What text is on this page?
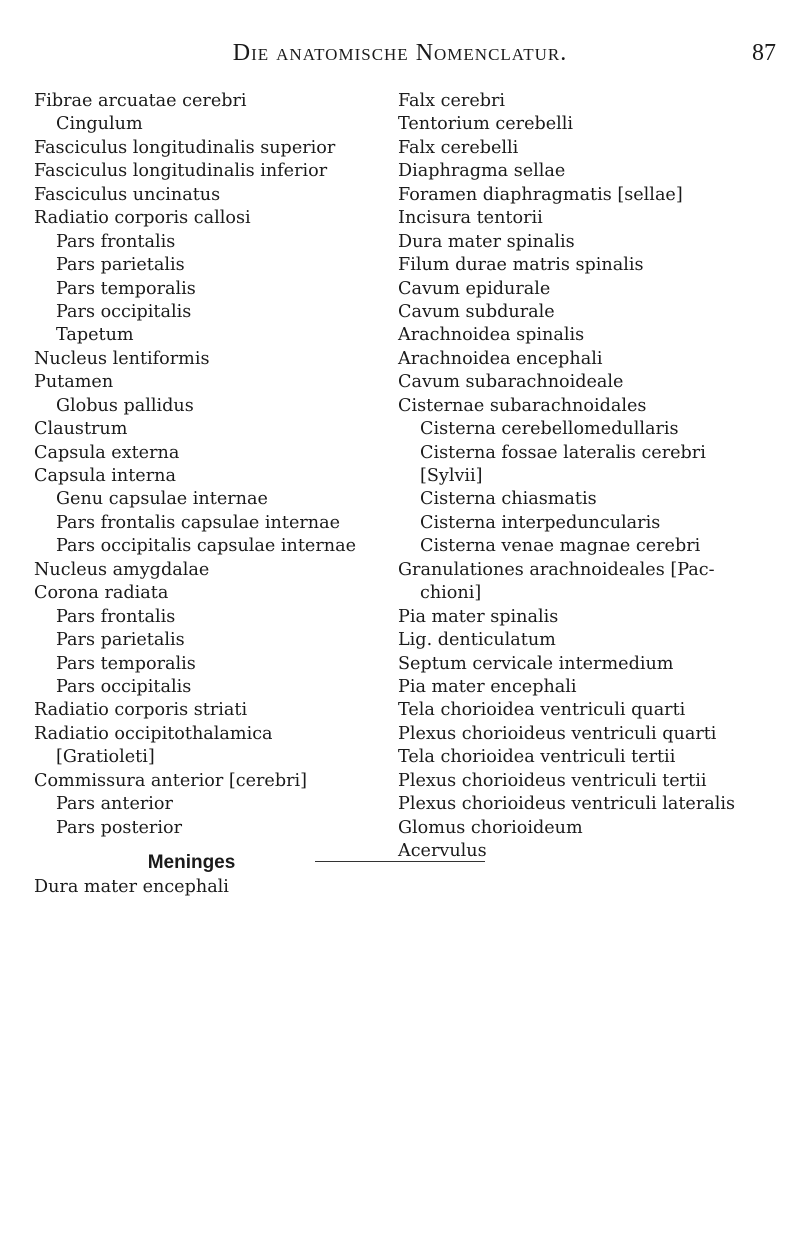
Die anatomische Nomenclatur.	87
Fibrae arcuatae cerebri
Cingulum
Fasciculus longitudinalis superior
Fasciculus longitudinalis inferior
Fasciculus uncinatus
Radiatio corporis callosi
Pars frontalis
Pars parietalis
Pars temporalis
Pars occipitalis
Tapetum
Nucleus lentiformis
Putamen
Globus pallidus
Claustrum
Capsula externa
Capsula interna
Genu capsulae internae
Pars frontalis capsulae internae
Pars occipitalis capsulae internae
Nucleus amygdalae
Corona radiata
Pars frontalis
Pars parietalis
Pars temporalis
Pars occipitalis
Radiatio corporis striati
Radiatio occipitothalamica
[Gratioleti]
Commissura anterior [cerebri]
Pars anterior
Pars posterior
Meninges
Dura mater encephali
Falx cerebri
Tentorium cerebelli
Falx cerebelli
Diaphragma sellae
Foramen diaphragmatis [sellae]
Incisura tentorii
Dura mater spinalis
Filum durae matris spinalis
Cavum epidurale
Cavum subdurale
Arachnoidea spinalis
Arachnoidea encephali
Cavum subarachnoideale
Cisternae subarachnoidales
Cisterna cerebellomedullaris
Cisterna fossae lateralis cerebri
[Sylvii]
Cisterna chiasmatis
Cisterna interpeduncularis
Cisterna venae magnae cerebri
Granulationes arachnoideales [Pac-
chioni]
Pia mater spinalis
Lig. denticulatum
Septum cervicale intermedium
Pia mater encephali
Tela chorioidea ventriculi quarti
Plexus chorioideus ventriculi quarti
Tela chorioidea ventriculi tertii
Plexus chorioideus ventriculi tertii
Plexus chorioideus ventriculi lateralis
Glomus chorioideum
Acervulus
